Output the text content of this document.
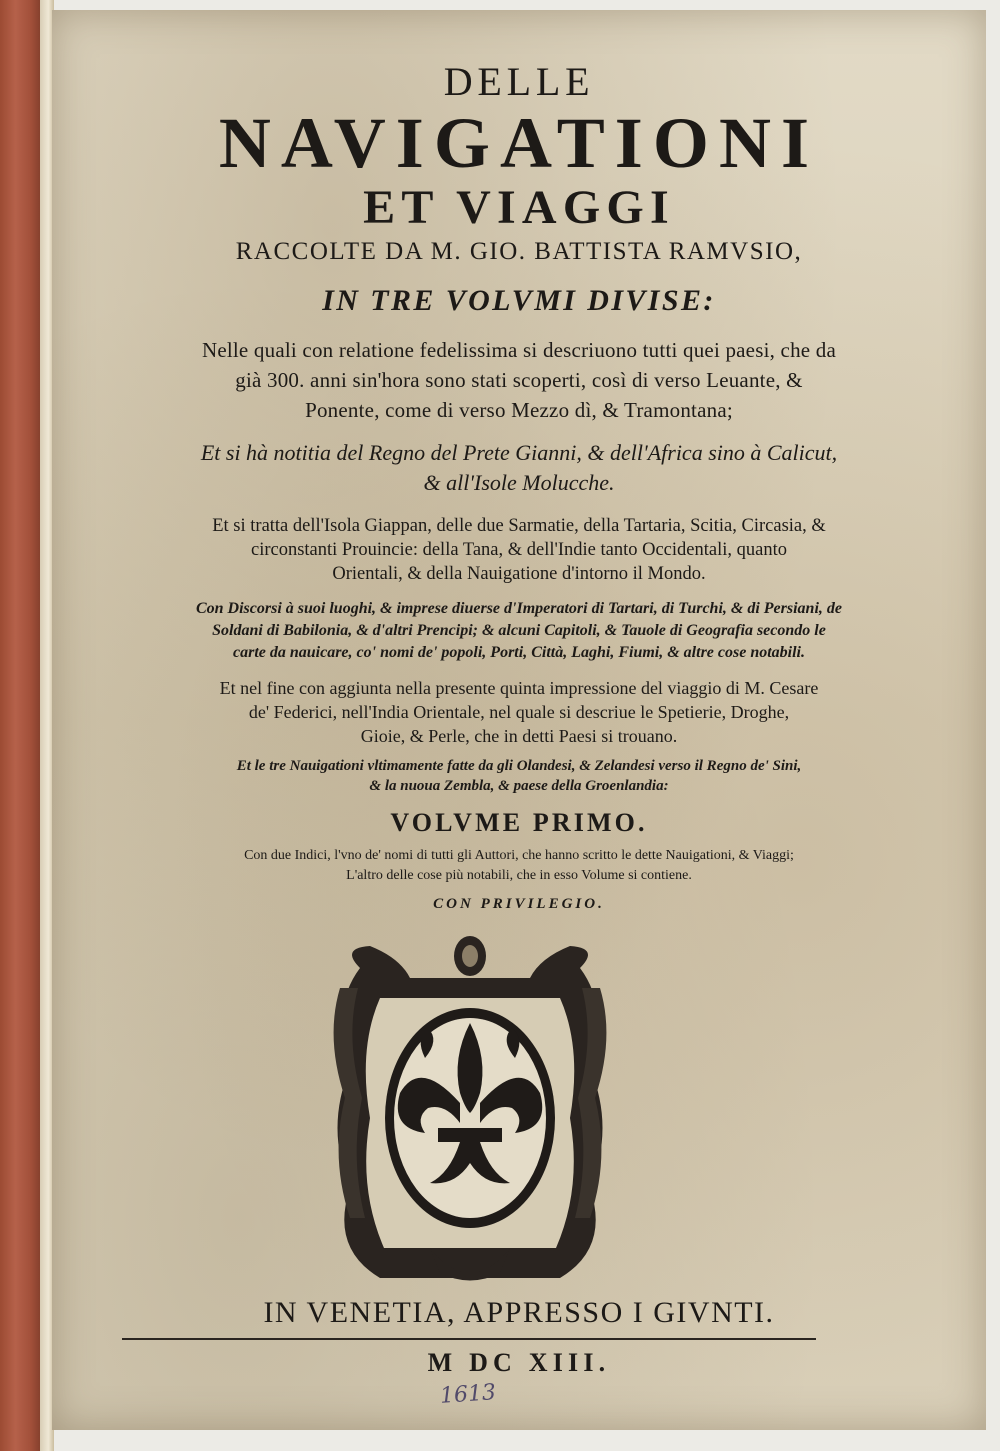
DELLE

NAVIGATIONI

ET VIAGGI

RACCOLTE DA M. GIO. BATTISTA RAMVSIO,

IN TRE VOLVMI DIVISE:

Nelle quali con relatione fedelissima si descriuono tutti quei paesi, che da

già 300. anni sin'hora sono stati scoperti, così di verso Leuante, &

Ponente, come di verso Mezzo dì, & Tramontana;

Et si hà notitia del Regno del Prete Gianni, & dell'Africa sino à Calicut,

& all'Isole Molucche.

Et si tratta dell'Isola Giappan, delle due Sarmatie, della Tartaria, Scitia, Circasia, &

circonstanti Prouincie: della Tana, & dell'Indie tanto Occidentali, quanto

Orientali, & della Nauigatione d'intorno il Mondo.

Con Discorsi à suoi luoghi, & imprese diuerse d'Imperatori di Tartari, di Turchi, & di Persiani, de

Soldani di Babilonia, & d'altri Prencipi; & alcuni Capitoli, & Tauole di Geografia secondo le

carte da nauicare, co' nomi de' popoli, Porti, Città, Laghi, Fiumi, & altre cose notabili.

Et nel fine con aggiunta nella presente quinta impressione del viaggio di M. Cesare

de' Federici, nell'India Orientale, nel quale si descriue le Spetierie, Droghe,

Gioie, & Perle, che in detti Paesi si trouano.

Et le tre Nauigationi vltimamente fatte da gli Olandesi, & Zelandesi verso il Regno de' Sini,

& la nuoua Zembla, & paese della Groenlandia:

VOLVME PRIMO.

Con due Indici, l'vno de' nomi di tutti gli Auttori, che hanno scritto le dette Nauigationi, & Viaggi;

L'altro delle cose più notabili, che in esso Volume si contiene.

CON PRIVILEGIO.

IN VENETIA, APPRESSO I GIVNTI.

M DC XIII.

1613
